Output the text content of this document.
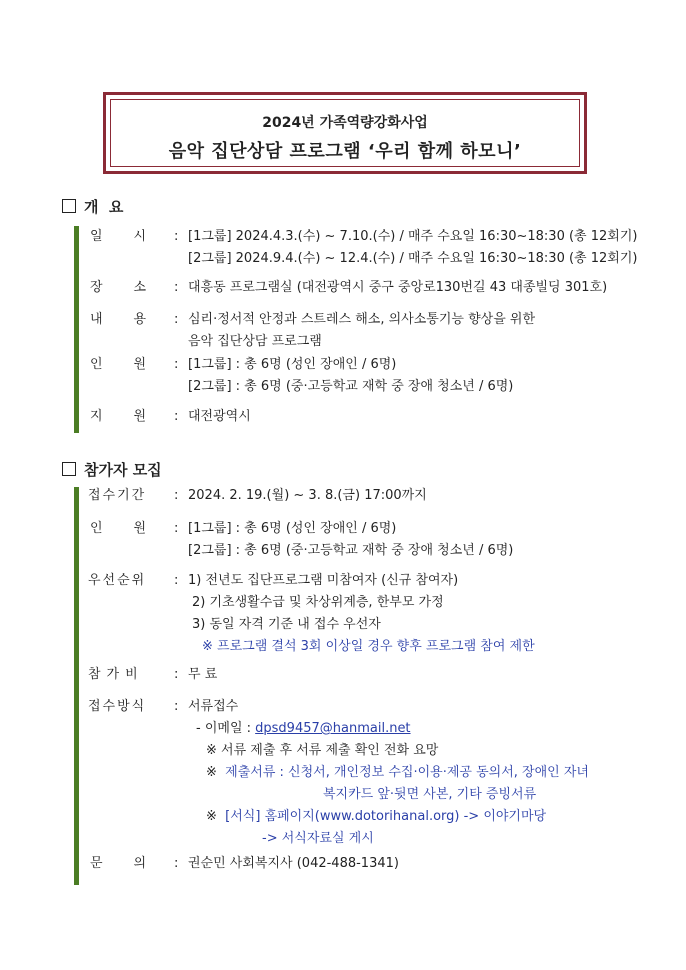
2024년 가족역량강화사업
음악 집단상담 프로그램 ‘우리 함께 하모니’
개  요
일 시	: [1그룹] 2024.4.3.(수) ~ 7.10.(수) / 매주 수요일 16:30~18:30 (총 12회기)
[2그룹] 2024.9.4.(수) ~ 12.4.(수) / 매주 수요일 16:30~18:30 (총 12회기)
장 소	: 대흥동 프로그램실 (대전광역시 중구 중앙로130번길 43 대종빌딩 301호)
내 용	: 심리·정서적 안정과 스트레스 해소, 의사소통기능 향상을 위한
음악 집단상담 프로그램
인 원	: [1그룹] : 총 6명 (성인 장애인 / 6명)
[2그룹] : 총 6명 (중·고등학교 재학 중 장애 청소년 / 6명)
지 원	: 대전광역시
참가자 모집
접수기간	: 2024. 2. 19.(월) ~ 3. 8.(금) 17:00까지
인 원	: [1그룹] : 총 6명 (성인 장애인 / 6명)
[2그룹] : 총 6명 (중·고등학교 재학 중 장애 청소년 / 6명)
우선순위	: 1) 전년도 집단프로그램 미참여자 (신규 참여자)
2) 기초생활수급 및 차상위계층, 한부모 가정
3) 동일 자격 기준 내 접수 우선자
※ 프로그램 결석 3회 이상일 경우 향후 프로그램 참여 제한
참가비	: 무 료
접수방식	: 서류접수
- 이메일 : dpsd9457@hanmail.net
※ 서류 제출 후 서류 제출 확인 전화 요망
※ 제출서류 : 신청서, 개인정보 수집·이용·제공 동의서, 장애인 자녀
복지카드 앞·뒷면 사본, 기타 증빙서류
※ [서식] 홈페이지(www.dotorihanal.org) -> 이야기마당
-> 서식자료실 게시
문 의	: 권순민 사회복지사 (042-488-1341)
